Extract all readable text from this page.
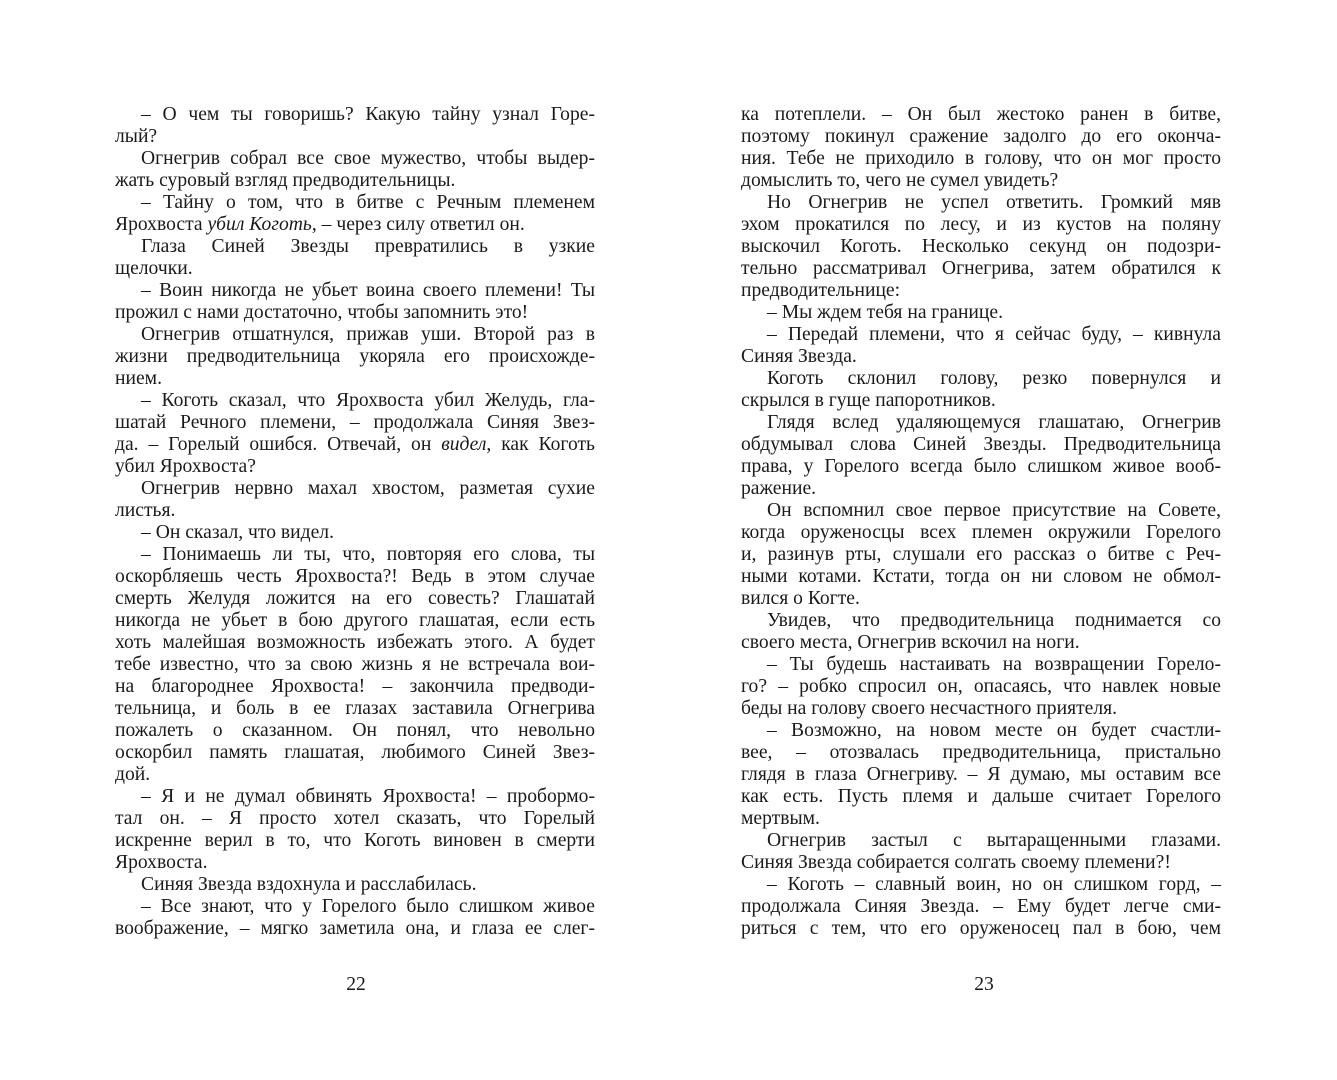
– О чем ты говоришь? Какую тайну узнал Горе-
лый?
Огнегрив собрал все свое мужество, чтобы выдер-
жать суровый взгляд предводительницы.
– Тайну о том, что в битве с Речным племенем
Ярохвоста убил Коготь, – через силу ответил он.
Глаза Синей Звезды превратились в узкие
щелочки.
– Воин никогда не убьет воина своего племени! Ты
прожил с нами достаточно, чтобы запомнить это!
Огнегрив отшатнулся, прижав уши. Второй раз в
жизни предводительница укоряла его происхожде-
нием.
– Коготь сказал, что Ярохвоста убил Желудь, гла-
шатай Речного племени, – продолжала Синяя Звез-
да. – Горелый ошибся. Отвечай, он видел, как Коготь
убил Ярохвоста?
Огнегрив нервно махал хвостом, разметая сухие
листья.
– Он сказал, что видел.
– Понимаешь ли ты, что, повторяя его слова, ты
оскорбляешь честь Ярохвоста?! Ведь в этом случае
смерть Желудя ложится на его совесть? Глашатай
никогда не убьет в бою другого глашатая, если есть
хоть малейшая возможность избежать этого. А будет
тебе известно, что за свою жизнь я не встречала вои-
на благороднее Ярохвоста! – закончила предводи-
тельница, и боль в ее глазах заставила Огнегрива
пожалеть о сказанном. Он понял, что невольно
оскорбил память глашатая, любимого Синей Звез-
дой.
– Я и не думал обвинять Ярохвоста! – пробормо-
тал он. – Я просто хотел сказать, что Горелый
искренне верил в то, что Коготь виновен в смерти
Ярохвоста.
Синяя Звезда вздохнула и расслабилась.
– Все знают, что у Горелого было слишком живое
воображение, – мягко заметила она, и глаза ее слег-
22
ка потеплели. – Он был жестоко ранен в битве,
поэтому покинул сражение задолго до его оконча-
ния. Тебе не приходило в голову, что он мог просто
домыслить то, чего не сумел увидеть?
Но Огнегрив не успел ответить. Громкий мяв
эхом прокатился по лесу, и из кустов на поляну
выскочил Коготь. Несколько секунд он подозри-
тельно рассматривал Огнегрива, затем обратился к
предводительнице:
– Мы ждем тебя на границе.
– Передай племени, что я сейчас буду, – кивнула
Синяя Звезда.
Коготь склонил голову, резко повернулся и
скрылся в гуще папоротников.
Глядя вслед удаляющемуся глашатаю, Огнегрив
обдумывал слова Синей Звезды. Предводительница
права, у Горелого всегда было слишком живое вооб-
ражение.
Он вспомнил свое первое присутствие на Совете,
когда оруженосцы всех племен окружили Горелого
и, разинув рты, слушали его рассказ о битве с Реч-
ными котами. Кстати, тогда он ни словом не обмол-
вился о Когте.
Увидев, что предводительница поднимается со
своего места, Огнегрив вскочил на ноги.
– Ты будешь настаивать на возвращении Горело-
го? – робко спросил он, опасаясь, что навлек новые
беды на голову своего несчастного приятеля.
– Возможно, на новом месте он будет счастли-
вее, – отозвалась предводительница, пристально
глядя в глаза Огнегриву. – Я думаю, мы оставим все
как есть. Пусть племя и дальше считает Горелого
мертвым.
Огнегрив застыл с вытаращенными глазами.
Синяя Звезда собирается солгать своему племени?!
– Коготь – славный воин, но он слишком горд, –
продолжала Синяя Звезда. – Ему будет легче сми-
риться с тем, что его оруженосец пал в бою, чем
23
